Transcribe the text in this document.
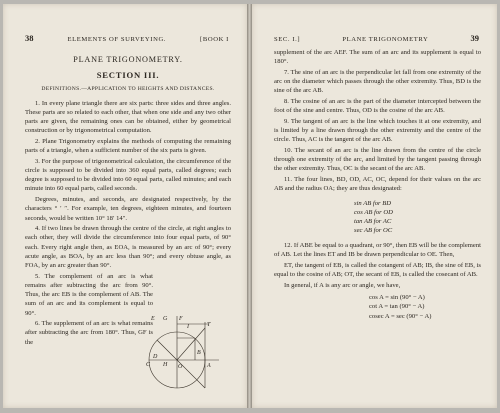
38	ELEMENTS OF SURVEYING.	[BOOK I
PLANE TRIGONOMETRY.
SECTION III.
DEFINITIONS.—APPLICATION TO HEIGHTS AND DISTANCES.

1. In every plane triangle there are six parts: three sides and three angles. These parts are so related to each other, that when one side and any two other parts are given, the remaining ones can be obtained, either by geometrical construction or by trigonometrical computation.

2. Plane Trigonometry explains the methods of computing the remaining parts of a triangle, when a sufficient number of the six parts is given.

3. For the purpose of trigonometrical calculation, the circumference of the circle is supposed to be divided into 360 equal parts, called degrees; each degree is supposed to be divided into 60 equal parts, called minutes; and each minute into 60 equal parts, called seconds.

Degrees, minutes, and seconds, are designated respectively, by the characters ° ′ ″. For example, ten degrees, eighteen minutes, and fourteen seconds, would be written 10° 18′ 14″.

4. If two lines be drawn through the centre of the circle, at right angles to each other, they will divide the circumference into four equal parts, of 90° each. Every right angle then, as EOA, is measured by an arc of 90°; every acute angle, as BOA, by an arc less than 90°; and every obtuse angle, as FOA, by an arc greater than 90°.

5. The complement of an arc is what remains after subtracting the arc from 90°. Thus, the arc EB is the complement of AB. The sum of an arc and its complement is equal to 90°.

6. The supplement of an arc is what remains after subtracting the arc from 180°. Thus, GF is the

E G F
D
C H O
I
B
A
T
SEC. I.]	PLANE TRIGONOMETRY	39

supplement of the arc AEF. The sum of an arc and its supplement is equal to 180°.

7. The sine of an arc is the perpendicular let fall from one extremity of the arc on the diameter which passes through the other extremity. Thus, BD is the sine of the arc AB.

8. The cosine of an arc is the part of the diameter intercepted between the foot of the sine and centre. Thus, OD is the cosine of the arc AB.

9. The tangent of an arc is the line which touches it at one extremity, and is limited by a line drawn through the other extremity and the centre of the circle. Thus, AC is the tangent of the arc AB.

10. The secant of an arc is the line drawn from the centre of the circle through one extremity of the arc, and limited by the tangent passing through the other extremity. Thus, OC is the secant of the arc AB.

11. The four lines, BD, OD, AC, OC, depend for their values on the arc AB and the radius OA; they are thus designated:

sin AB for BD
cos AB for OD
tan AB for AC
sec AB for OC

12. If ABE be equal to a quadrant, or 90°, then EB will be the complement of AB. Let the lines ET and IB be drawn perpendicular to OE. Then,

ET, the tangent of EB, is called the cotangent of AB; IB, the sine of EB, is equal to the cosine of AB; OT, the secant of EB, is called the cosecant of AB.

In general, if A is any arc or angle, we have,

cos A = sin (90° − A)
cot A = tan (90° − A)
cosec A = sec (90° − A)
